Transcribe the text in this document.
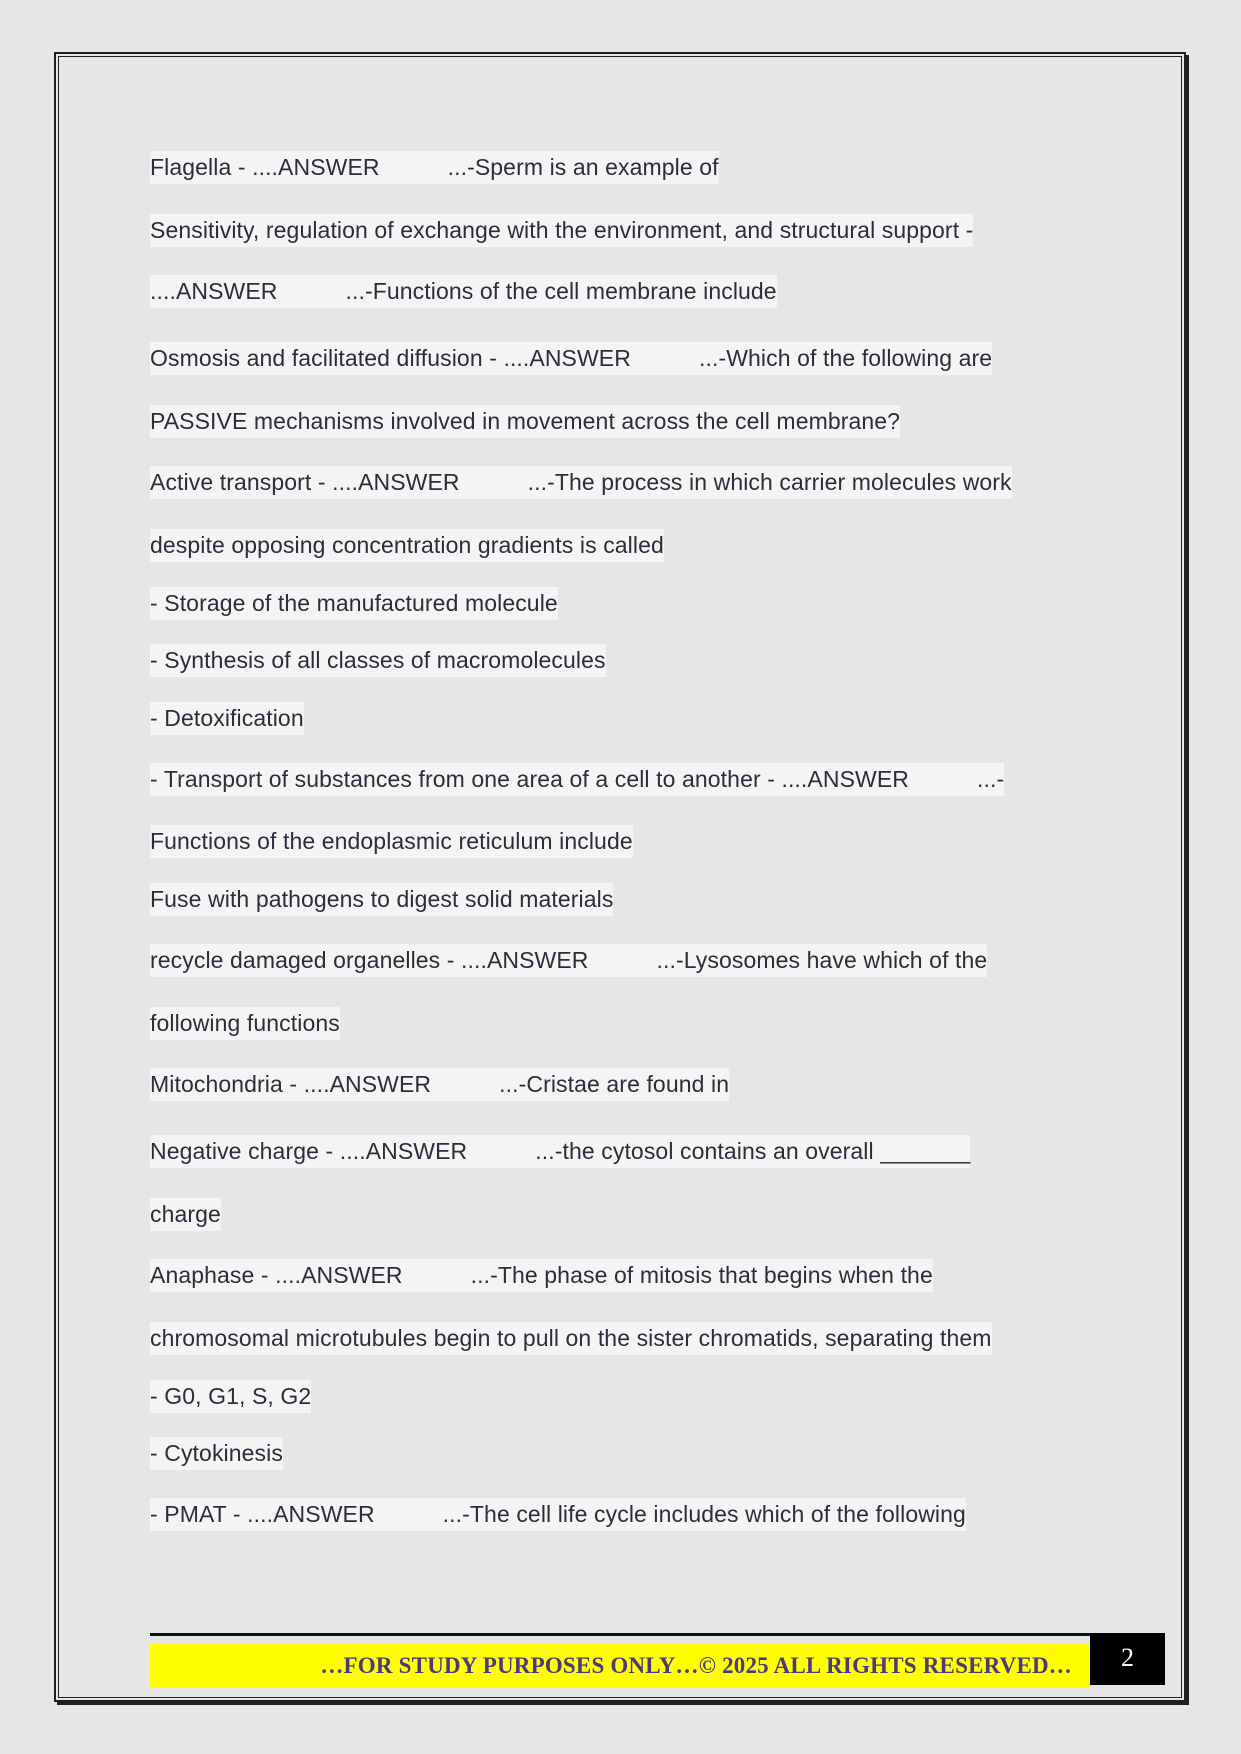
Flagella - ....ANSWER	...-Sperm is an example of

Sensitivity, regulation of exchange with the environment, and structural support -

....ANSWER	...-Functions of the cell membrane include

Osmosis and facilitated diffusion - ....ANSWER	...-Which of the following are

PASSIVE mechanisms involved in movement across the cell membrane?

Active transport - ....ANSWER	...-The process in which carrier molecules work

despite opposing concentration gradients is called

- Storage of the manufactured molecule

- Synthesis of all classes of macromolecules

- Detoxification

- Transport of substances from one area of a cell to another - ....ANSWER	...-

Functions of the endoplasmic reticulum include

Fuse with pathogens to digest solid materials

recycle damaged organelles - ....ANSWER	...-Lysosomes have which of the

following functions

Mitochondria - ....ANSWER	...-Cristae are found in

Negative charge - ....ANSWER	...-the cytosol contains an overall _______

charge

Anaphase - ....ANSWER	...-The phase of mitosis that begins when the

chromosomal microtubules begin to pull on the sister chromatids, separating them

- G0, G1, S, G2

- Cytokinesis

- PMAT - ....ANSWER	...-The cell life cycle includes which of the following

…FOR STUDY PURPOSES ONLY…© 2025 ALL RIGHTS RESERVED…	2
